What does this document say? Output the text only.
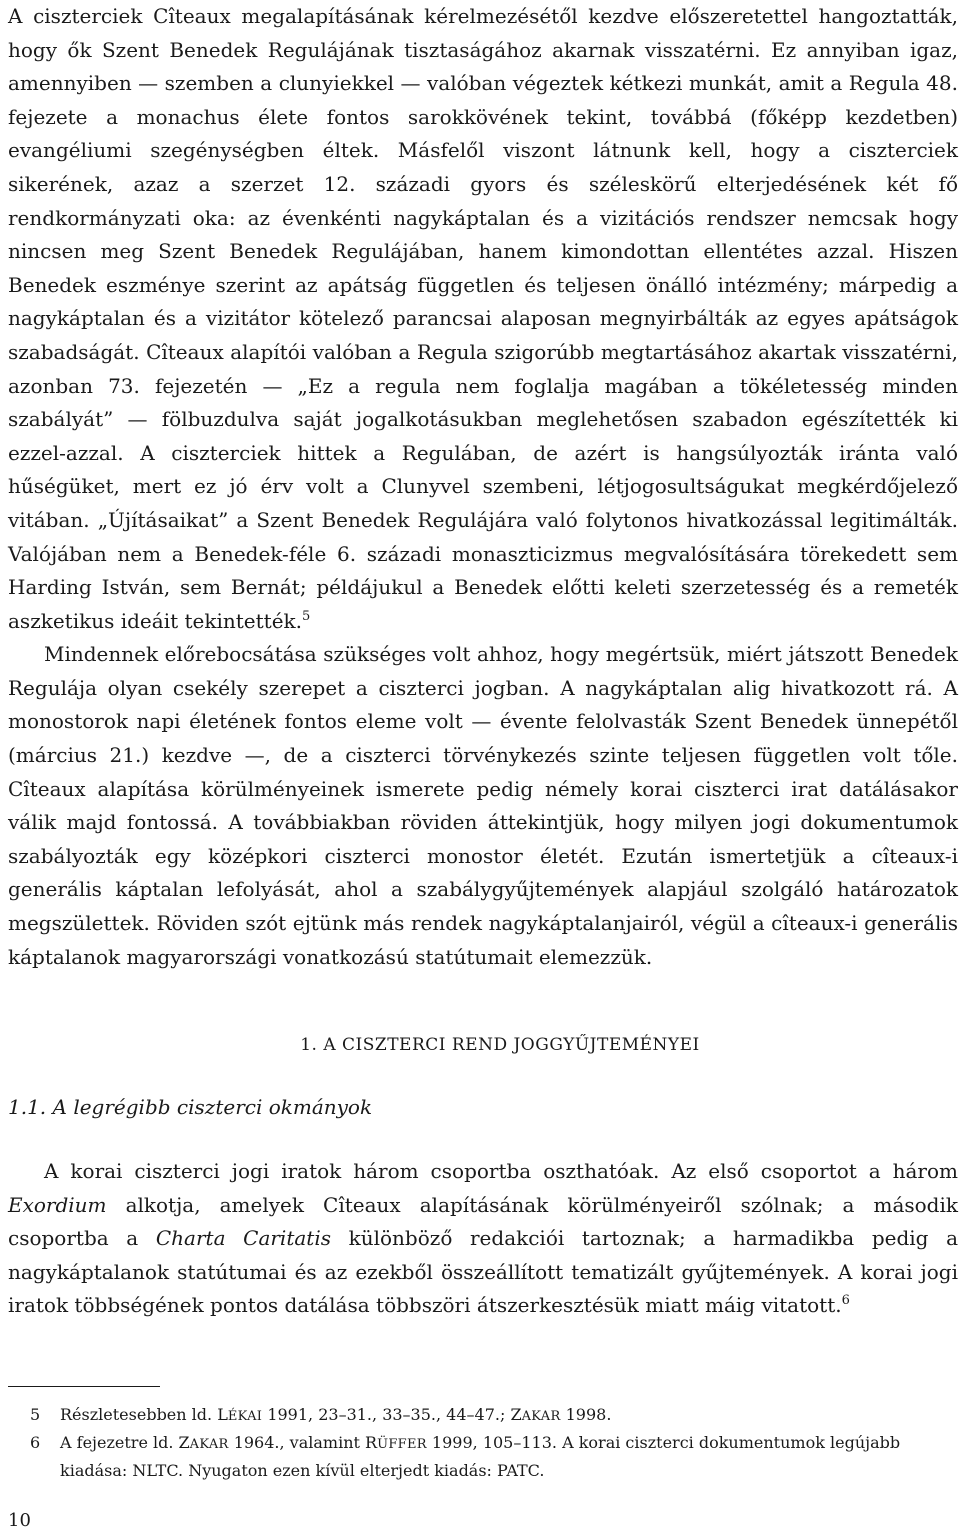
A ciszterciek Cîteaux megalapításának kérelmezésétől kezdve előszeretettel hangoztatták, hogy ők Szent Benedek Regulájának tisztaságához akarnak visszatérni. Ez annyiban igaz, amennyiben — szemben a clunyiekkel — valóban végeztek kétkezi munkát, amit a Regula 48. fejezete a monachus élete fontos sarokkövének tekint, továbbá (főképp kezdetben) evangéliumi szegénységben éltek. Másfelől viszont látnunk kell, hogy a ciszterciek sikerének, azaz a szerzet 12. századi gyors és széleskörű elterjedésének két fő rendkormányzati oka: az évenkénti nagykáptalan és a vizitációs rendszer nemcsak hogy nincsen meg Szent Benedek Regulájában, hanem kimondottan ellentétes azzal. Hiszen Benedek eszménye szerint az apátság független és teljesen önálló intézmény; márpedig a nagykáptalan és a vizitátor kötelező parancsai alaposan megnyirbálták az egyes apátságok szabadságát. Cîteaux alapítói valóban a Regula szigorúbb megtartásához akartak visszatérni, azonban 73. fejezetén — „Ez a regula nem foglalja magában a tökéletesség minden szabályát” — fölbuzdulva saját jogalkotásukban meglehetősen szabadon egészítették ki ezzel-azzal. A ciszterciek hittek a Regulában, de azért is hangsúlyozták iránta való hűségüket, mert ez jó érv volt a Clunyvel szembeni, létjogosultságukat megkérdőjelező vitában. „Újításaikat” a Szent Benedek Regulájára való folytonos hivatkozással legitimálták. Valójában nem a Benedek-féle 6. századi monaszticizmus megvalósítására törekedett sem Harding István, sem Bernát; példájukul a Benedek előtti keleti szerzetesség és a remeték aszketikus ideáit tekintették.$^5$

Mindennek előrebocsátása szükséges volt ahhoz, hogy megértsük, miért játszott Benedek Regulája olyan csekély szerepet a ciszterci jogban. A nagykáptalan alig hivatkozott rá. A monostorok napi életének fontos eleme volt — évente felolvasták Szent Benedek ünnepétől (március 21.) kezdve —, de a ciszterci törvénykezés szinte teljesen független volt tőle. Cîteaux alapítása körülményeinek ismerete pedig némely korai ciszterci irat datálásakor válik majd fontossá. A továbbiakban röviden áttekintjük, hogy milyen jogi dokumentumok szabályozták egy középkori ciszterci monostor életét. Ezután ismertetjük a cîteaux-i generális káptalan lefolyását, ahol a szabálygyűjtemények alapjául szolgáló határozatok megszülettek. Röviden szót ejtünk más rendek nagykáptalanjairól, végül a cîteaux-i generális káptalanok magyarországi vonatkozású statútumait elemezzük.

1. A CISZTERCI REND JOGGYŰJTEMÉNYEI
1.1. A legrégibb ciszterci okmányok

A korai ciszterci jogi iratok három csoportba oszthatóak. Az első csoportot a három Exordium alkotja, amelyek Cîteaux alapításának körülményeiről szólnak; a második csoportba a Charta Caritatis különböző redakciói tartoznak; a harmadikba pedig a nagykáptalanok statútumai és az ezekből összeállított tematizált gyűjtemények. A korai jogi iratok többségének pontos datálása többszöri átszerkesztésük miatt máig vitatott.$^6$

5	Részletesebben ld. LÉKAI 1991, 23–31., 33–35., 44–47.; ZAKAR 1998.
6	A fejezetre ld. ZAKAR 1964., valamint RÜFFER 1999, 105–113. A korai ciszterci dokumentumok legújabb kiadása: NLTC. Nyugaton ezen kívül elterjedt kiadás: PATC.
10
